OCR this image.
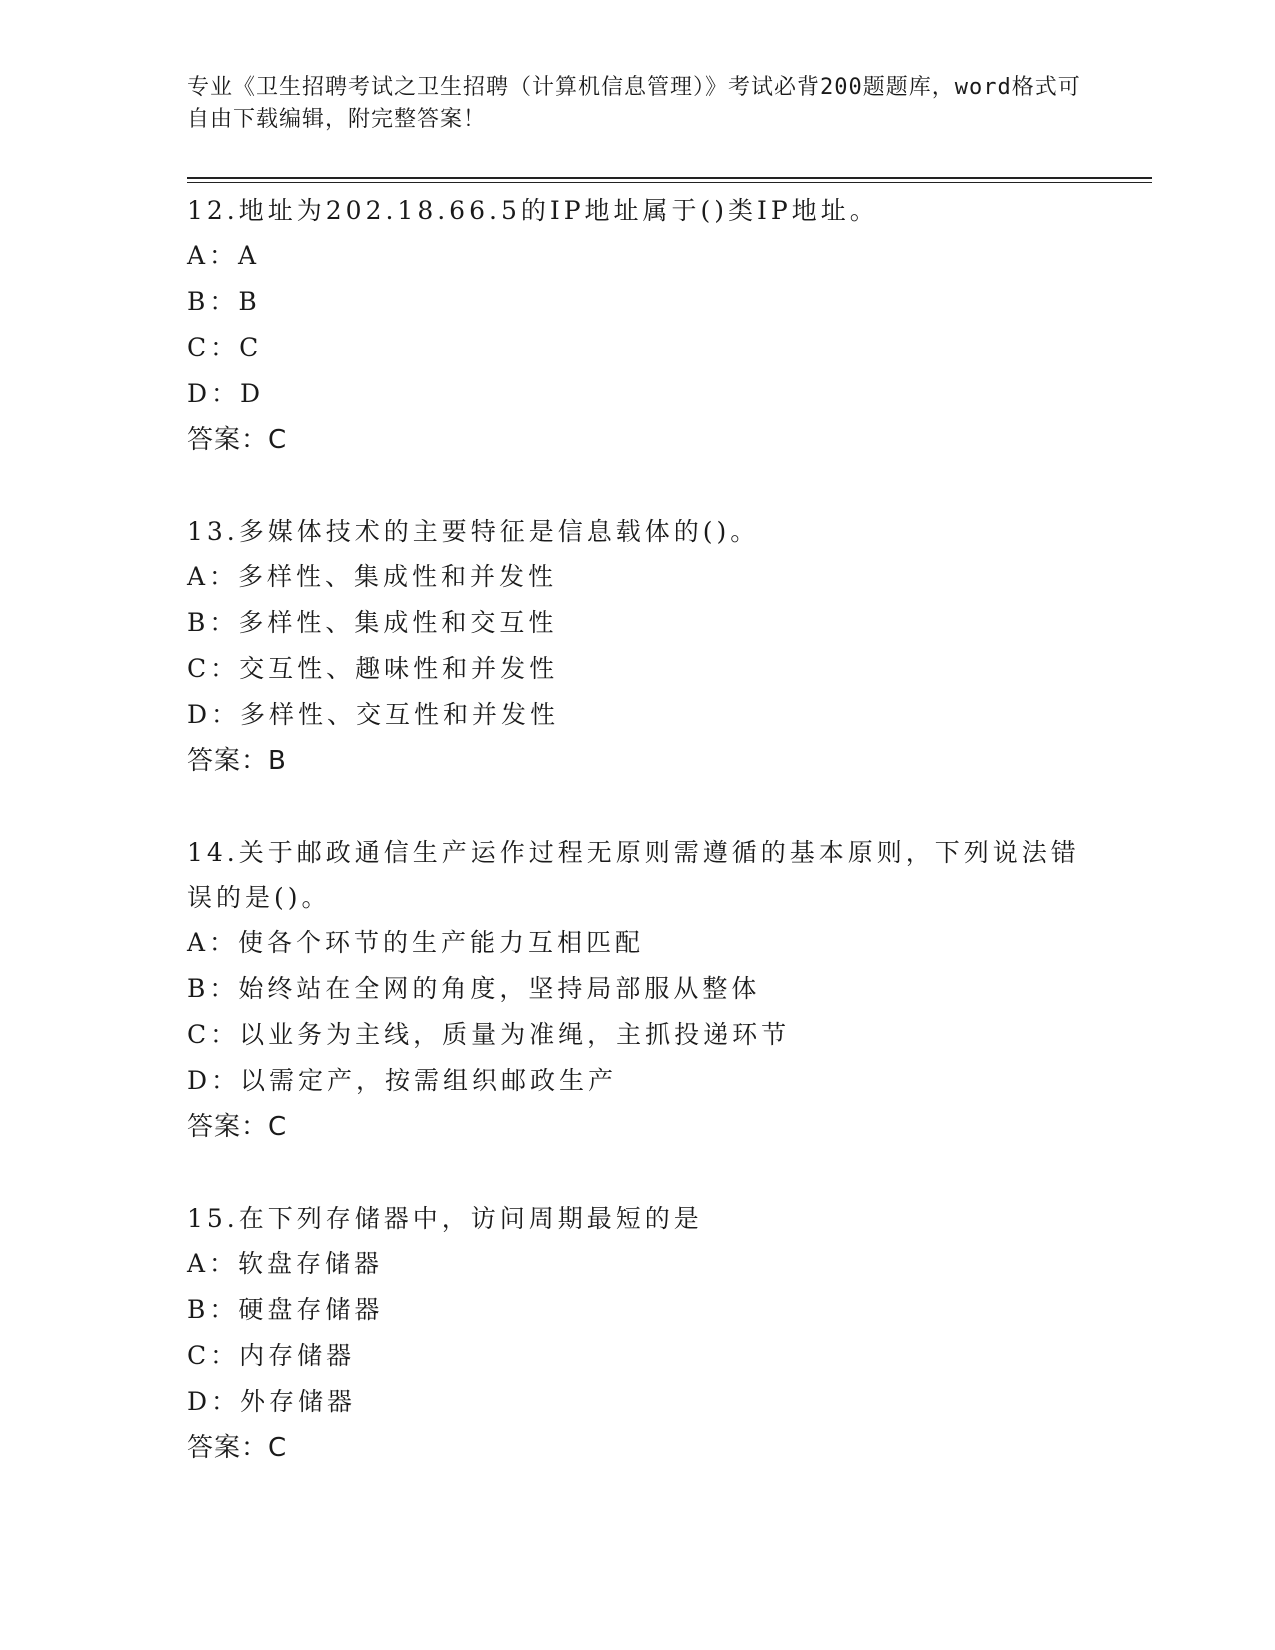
专业《卫生招聘考试之卫生招聘（计算机信息管理）》考试必背200题题库，word格式可自由下载编辑，附完整答案！
12.地址为202.18.66.5的IP地址属于()类IP地址。
A：A
B：B
C：C
D：D
答案：C
13.多媒体技术的主要特征是信息载体的()。
A：多样性、集成性和并发性
B：多样性、集成性和交互性
C：交互性、趣味性和并发性
D：多样性、交互性和并发性
答案：B
14.关于邮政通信生产运作过程无原则需遵循的基本原则，下列说法错误的是()。
A：使各个环节的生产能力互相匹配
B：始终站在全网的角度，坚持局部服从整体
C：以业务为主线，质量为准绳，主抓投递环节
D：以需定产，按需组织邮政生产
答案：C
15.在下列存储器中，访问周期最短的是
A：软盘存储器
B：硬盘存储器
C：内存储器
D：外存储器
答案：C
